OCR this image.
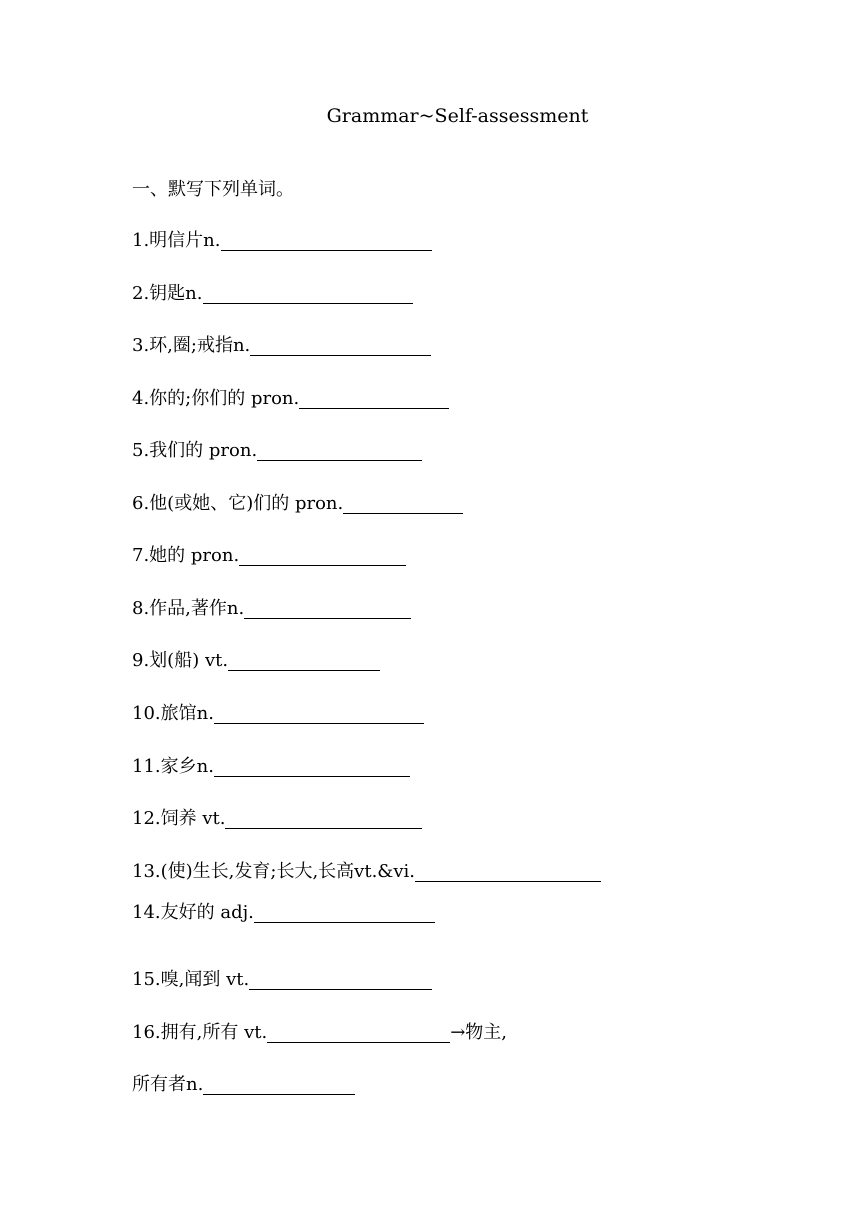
Grammar~Self-assessment
一、默写下列单词。
1.明信片n.
2.钥匙n.
3.环,圈;戒指n.
4.你的;你们的 pron.
5.我们的 pron.
6.他(或她、它)们的 pron.
7.她的 pron.
8.作品,著作n.
9.划(船) vt.
10.旅馆n.
11.家乡n.
12.饲养 vt.
13.(使)生长,发育;长大,长高vt.&vi.
14.友好的 adj.
15.嗅,闻到 vt.
16.拥有,所有 vt.	→物主,
所有者n.
